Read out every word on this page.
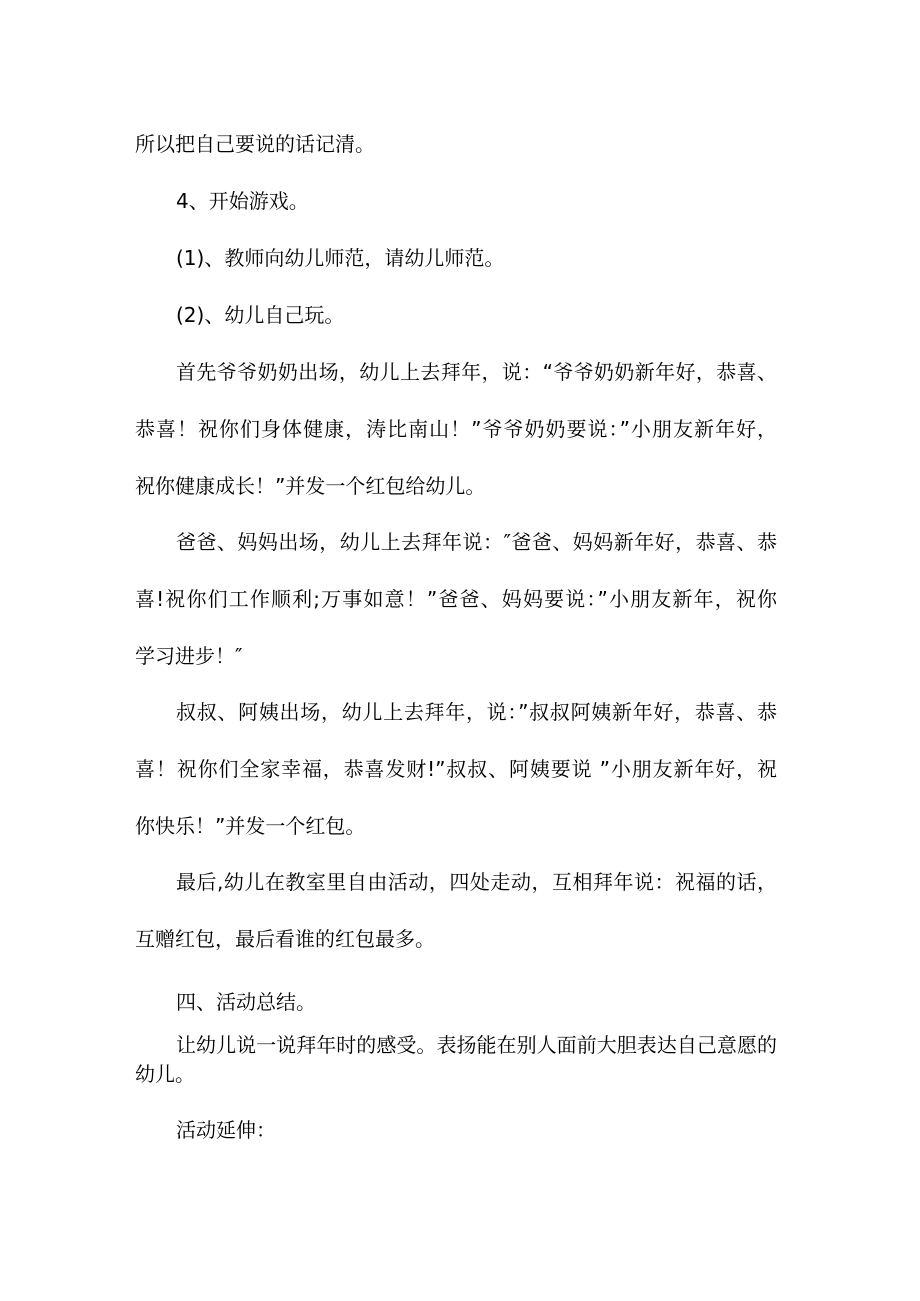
所以把自己要说的话记清。
4、开始游戏。
(1)、教师向幼儿师范，请幼儿师范。
(2)、幼儿自己玩。
首先爷爷奶奶出场，幼儿上去拜年，说：“爷爷奶奶新年好，恭喜、
恭喜！祝你们身体健康，涛比南山！”爷爷奶奶要说：”小朋友新年好，
祝你健康成长！”并发一个红包给幼儿。
爸爸、妈妈出场，幼儿上去拜年说：″爸爸、妈妈新年好，恭喜、恭
喜!祝你们工作顺利;万事如意！”爸爸、妈妈要说：”小朋友新年，祝你
学习进步！″
叔叔、阿姨出场，幼儿上去拜年，说：”叔叔阿姨新年好，恭喜、恭
喜！祝你们全家幸福，恭喜发财!”叔叔、阿姨要说 ”小朋友新年好，祝
你快乐！”并发一个红包。
最后,幼儿在教室里自由活动，四处走动，互相拜年说：祝福的话，
互赠红包，最后看谁的红包最多。
四、活动总结。
让幼儿说一说拜年时的感受。表扬能在别人面前大胆表达自己意愿的
幼儿。
活动延伸：
